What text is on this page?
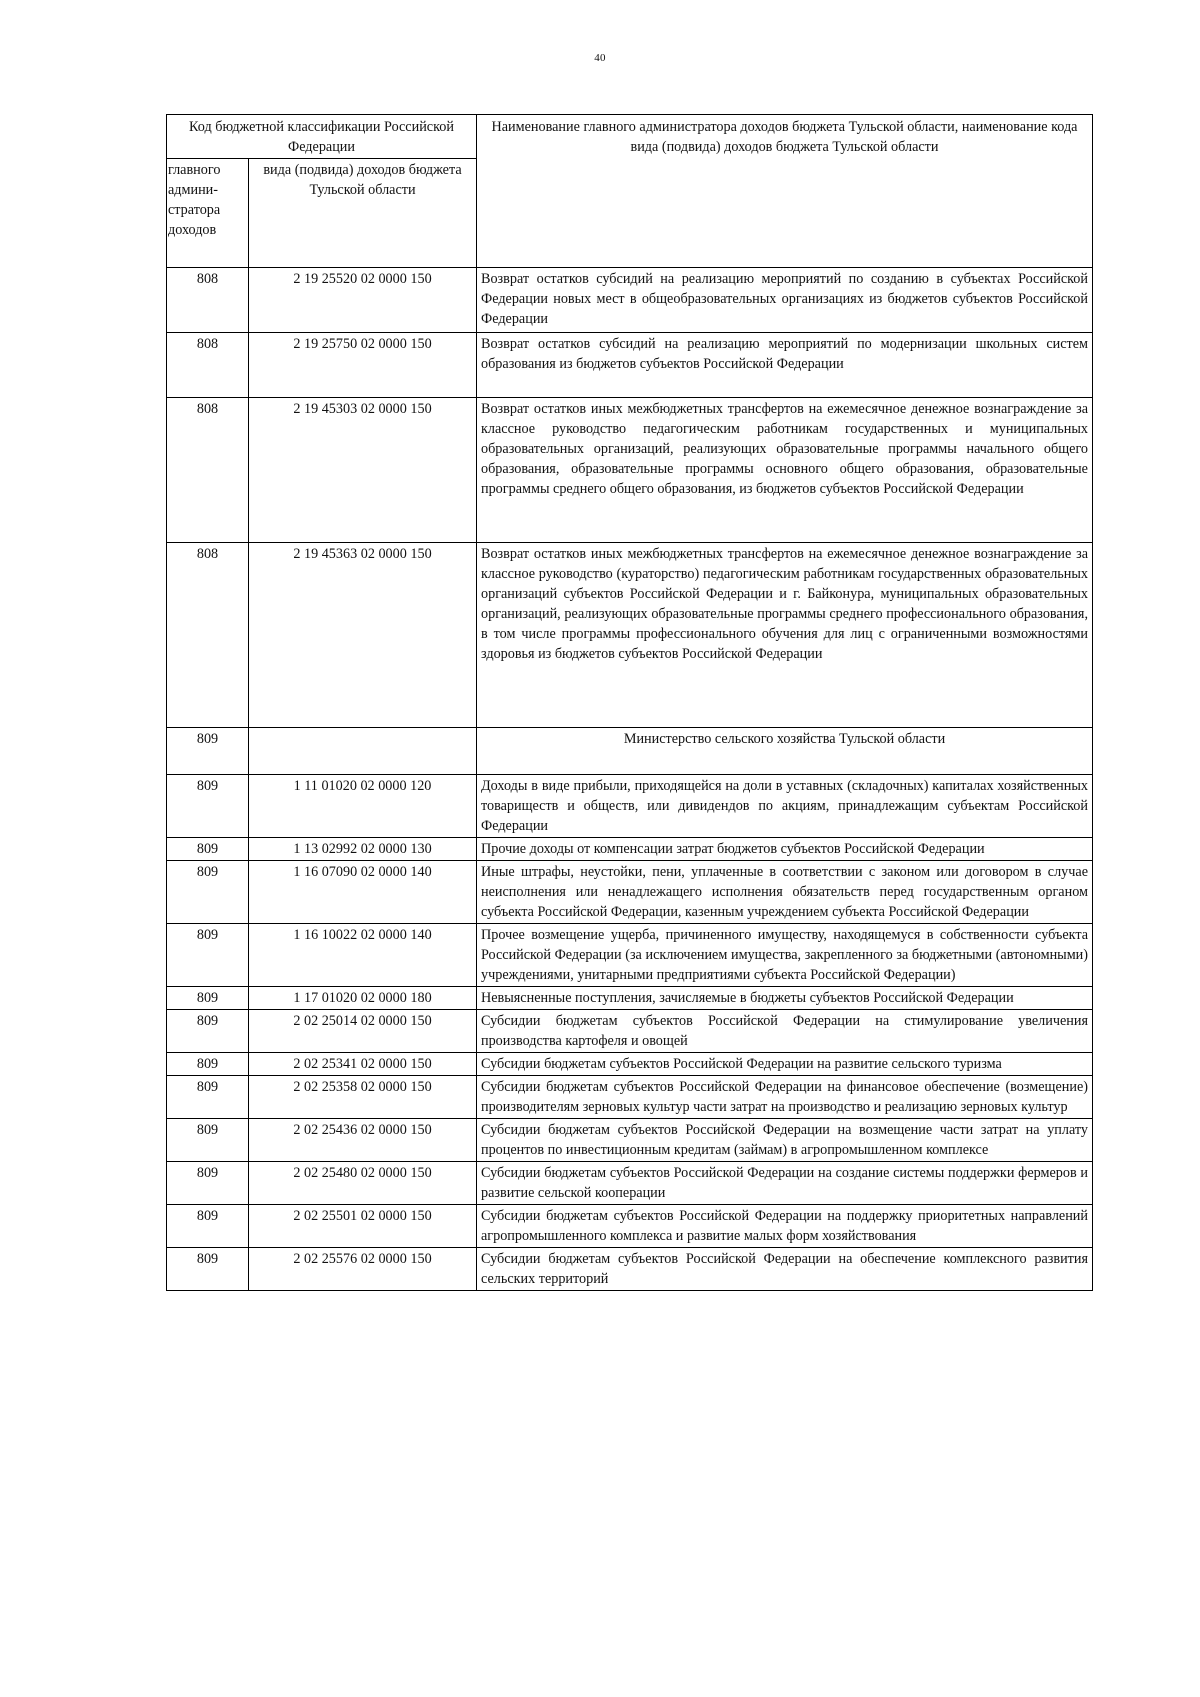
40
Код бюджетной классификации Российской Федерации		Наименование главного администратора доходов бюджета Тульской области, наименование кода вида (подвида) доходов бюджета Тульской области
главного админи-стратора доходов	вида (подвида) доходов бюджета Тульской области	
808	2 19 25520 02 0000 150	Возврат остатков субсидий на реализацию мероприятий по созданию в субъектах Российской Федерации новых мест в общеобразовательных организациях из бюджетов субъектов Российской Федерации
808	2 19 25750 02 0000 150	Возврат остатков субсидий на реализацию мероприятий по модернизации школьных систем образования из бюджетов субъектов Российской Федерации
808	2 19 45303 02 0000 150	Возврат остатков иных межбюджетных трансфертов на ежемесячное денежное вознаграждение за классное руководство педагогическим работникам государственных и муниципальных образовательных организаций, реализующих образовательные программы начального общего образования, образовательные программы основного общего образования, образовательные программы среднего общего образования, из бюджетов субъектов Российской Федерации
808	2 19 45363 02 0000 150	Возврат остатков иных межбюджетных трансфертов на ежемесячное денежное вознаграждение за классное руководство (кураторство) педагогическим работникам государственных образовательных организаций субъектов Российской Федерации и г. Байконура, муниципальных образовательных организаций, реализующих образовательные программы среднего профессионального образования, в том числе программы профессионального обучения для лиц с ограниченными возможностями здоровья из бюджетов субъектов Российской Федерации
809		Министерство сельского хозяйства Тульской области
809	1 11 01020 02 0000 120	Доходы в виде прибыли, приходящейся на доли в уставных (складочных) капиталах хозяйственных товариществ и обществ, или дивидендов по акциям, принадлежащим субъектам Российской Федерации
809	1 13 02992 02 0000 130	Прочие доходы от компенсации затрат бюджетов субъектов Российской Федерации
809	1 16 07090 02 0000 140	Иные штрафы, неустойки, пени, уплаченные в соответствии с законом или договором в случае неисполнения или ненадлежащего исполнения обязательств перед государственным органом субъекта Российской Федерации, казенным учреждением субъекта Российской Федерации
809	1 16 10022 02 0000 140	Прочее возмещение ущерба, причиненного имуществу, находящемуся в собственности субъекта Российской Федерации (за исключением имущества, закрепленного за бюджетными (автономными) учреждениями, унитарными предприятиями субъекта Российской Федерации)
809	1 17 01020 02 0000 180	Невыясненные поступления, зачисляемые в бюджеты субъектов Российской Федерации
809	2 02 25014 02 0000 150	Субсидии бюджетам субъектов Российской Федерации на стимулирование увеличения производства картофеля и овощей
809	2 02 25341 02 0000 150	Субсидии бюджетам субъектов Российской Федерации на развитие сельского туризма
809	2 02 25358 02 0000 150	Субсидии бюджетам субъектов Российской Федерации на финансовое обеспечение (возмещение) производителям зерновых культур части затрат на производство и реализацию зерновых культур
809	2 02 25436 02 0000 150	Субсидии бюджетам субъектов Российской Федерации на возмещение части затрат на уплату процентов по инвестиционным кредитам (займам) в агропромышленном комплексе
809	2 02 25480 02 0000 150	Субсидии бюджетам субъектов Российской Федерации на создание системы поддержки фермеров и развитие сельской кооперации
809	2 02 25501 02 0000 150	Субсидии бюджетам субъектов Российской Федерации на поддержку приоритетных направлений агропромышленного комплекса и развитие малых форм хозяйствования
809	2 02 25576 02 0000 150	Субсидии бюджетам субъектов Российской Федерации на обеспечение комплексного развития сельских территорий
